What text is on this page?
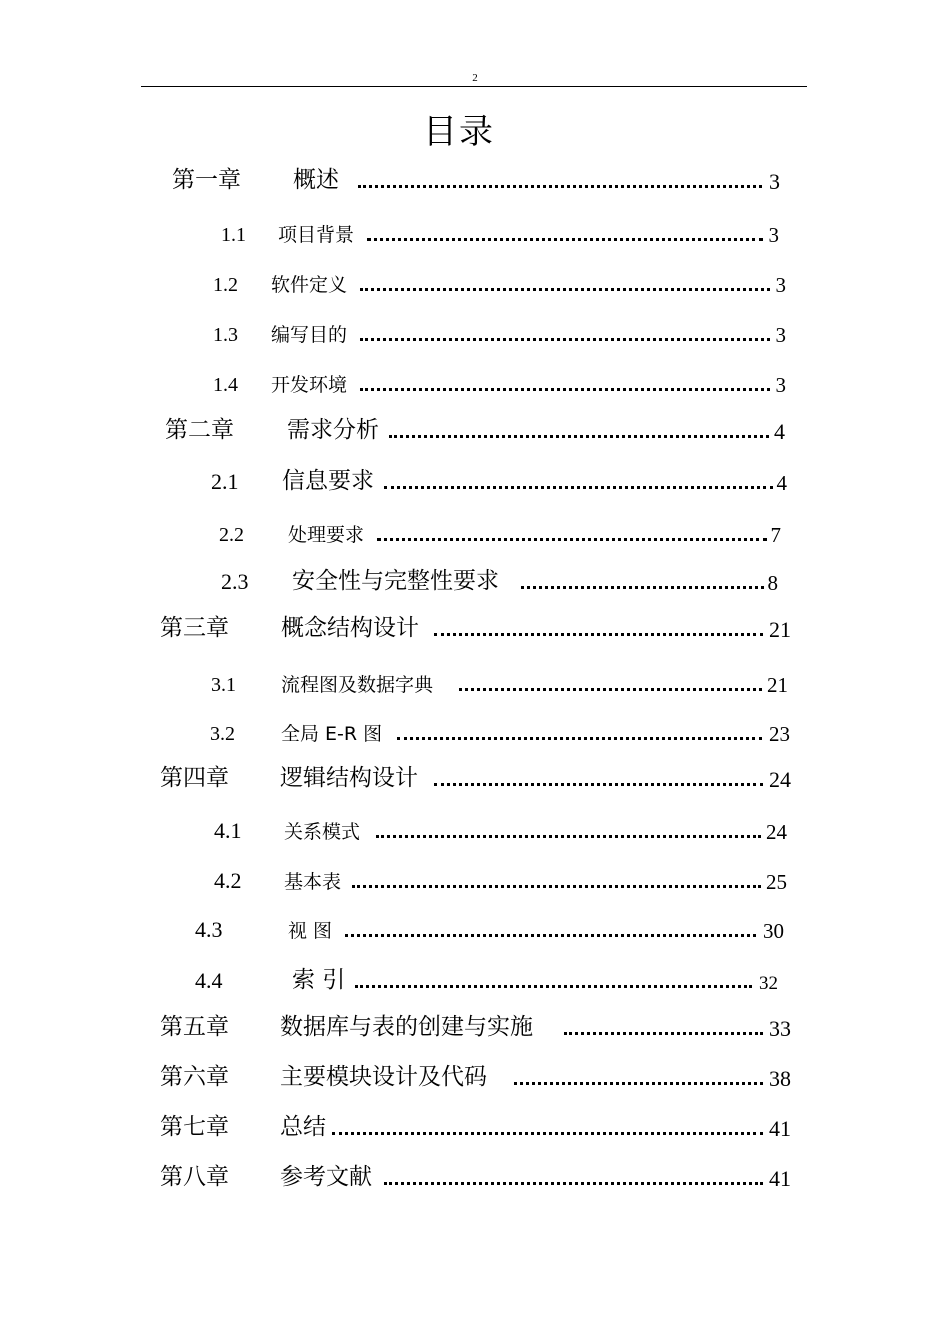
2
目录
第一章 概述	3
1.1 项目背景	3
1.2 软件定义	3
1.3 编写目的	3
1.4 开发环境	3
第二章 需求分析	4
2.1 信息要求	4
2.2 处理要求	7
2.3 安全性与完整性要求	8
第三章 概念结构设计	21
3.1 流程图及数据字典	21
3.2 全局 E-R 图	23
第四章 逻辑结构设计	24
4.1 关系模式	24
4.2 基本表	25
4.3	视 图	30
4.4	索 引	32
第五章 数据库与表的创建与实施	33
第六章 主要模块设计及代码	38
第七章 总结	41
第八章 参考文献	41
